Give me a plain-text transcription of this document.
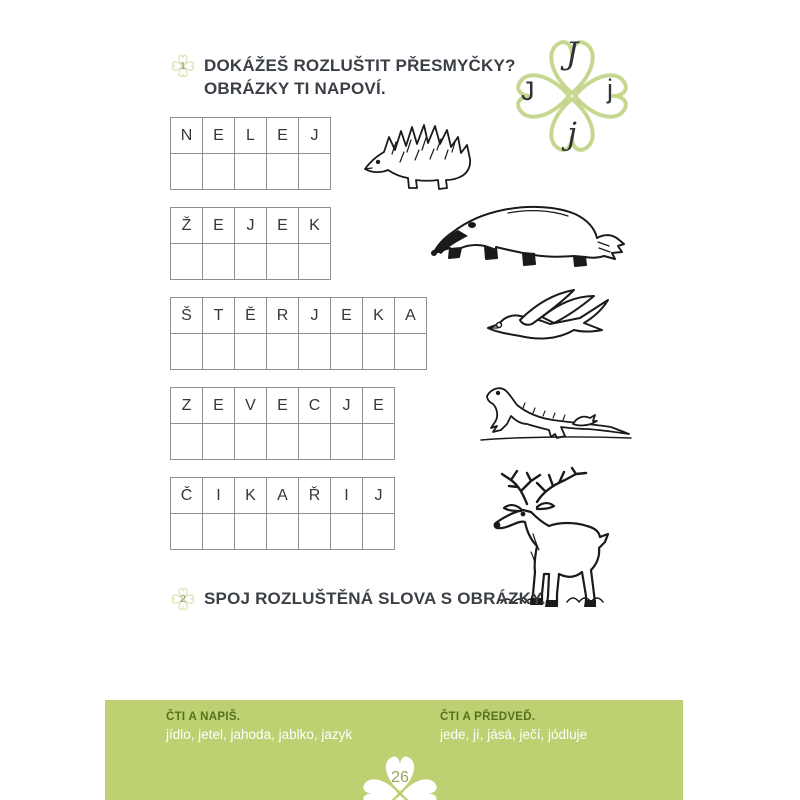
1	DOKÁŽEŠ ROZLUŠTIT PŘESMYČKY?
OBRÁZKY TI NAPOVÍ.
J
J	j
j
N	E	L	E	J

Ž	E	J	E	K

Š	T	Ě	R	J	E	K	A

Z	E	V	E	C	J	E

Č	I	K	A	Ř	I	J

2	SPOJ ROZLUŠTĚNÁ SLOVA S OBRÁZKY.
ČTI A NAPIŠ.
jídlo, jetel, jahoda, jablko, jazyk
ČTI A PŘEDVEĎ.
jede, jí, jásá, ječí, jódluje
26
